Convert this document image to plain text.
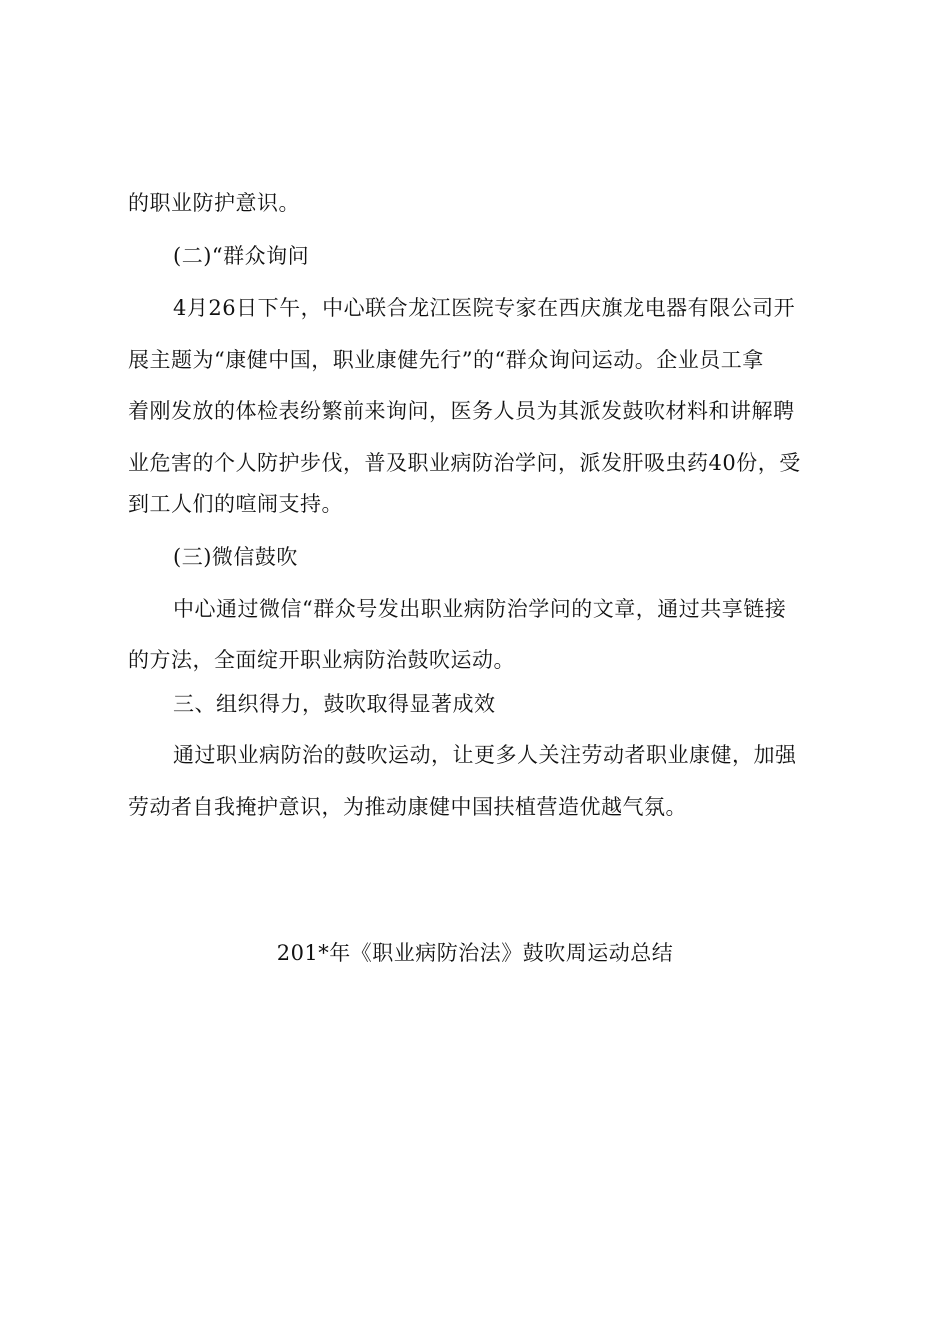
的职业防护意识。
(二)“群众询问
4月26日下午，中心联合龙江医院专家在西庆旗龙电器有限公司开
展主题为“康健中国，职业康健先行”的“群众询问运动。企业员工拿
着刚发放的体检表纷繁前来询问，医务人员为其派发鼓吹材料和讲解聘
业危害的个人防护步伐，普及职业病防治学问，派发肝吸虫药40份，受
到工人们的喧闹支持。
(三)微信鼓吹
中心通过微信“群众号发出职业病防治学问的文章，通过共享链接
的方法，全面绽开职业病防治鼓吹运动。
三、组织得力，鼓吹取得显著成效
通过职业病防治的鼓吹运动，让更多人关注劳动者职业康健，加强
劳动者自我掩护意识，为推动康健中国扶植营造优越气氛。
201*年《职业病防治法》鼓吹周运动总结
